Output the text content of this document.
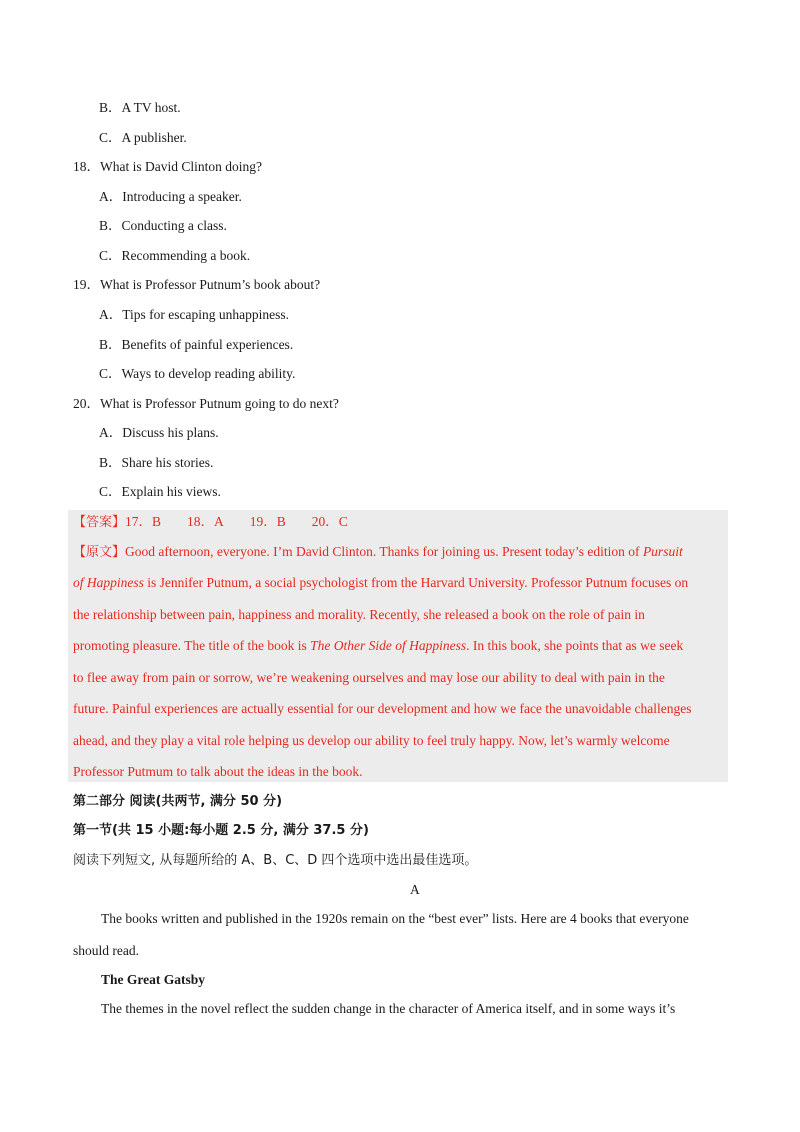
B．A TV host.
C．A publisher.
18．What is David Clinton doing?
A．Introducing a speaker.
B．Conducting a class.
C．Recommending a book.
19．What is Professor Putnum’s book about?
A．Tips for escaping unhappiness.
B．Benefits of painful experiences.
C．Ways to develop reading ability.
20．What is Professor Putnum going to do next?
A．Discuss his plans.
B．Share his stories.
C．Explain his views.
【答案】17．B 18．A 19．B 20．C
【原文】Good afternoon, everyone. I’m David Clinton. Thanks for joining us. Present today’s edition of Pursuit
of Happiness is Jennifer Putnum, a social psychologist from the Harvard University. Professor Putnum focuses on
the relationship between pain, happiness and morality. Recently, she released a book on the role of pain in
promoting pleasure. The title of the book is The Other Side of Happiness. In this book, she points that as we seek
to flee away from pain or sorrow, we’re weakening ourselves and may lose our ability to deal with pain in the
future. Painful experiences are actually essential for our development and how we face the unavoidable challenges
ahead, and they play a vital role helping us develop our ability to feel truly happy. Now, let’s warmly welcome
Professor Putmum to talk about the ideas in the book.
第二部分 阅读(共两节, 满分 50 分)
第一节(共 15 小题:每小题 2.5 分, 满分 37.5 分)
阅读下列短文, 从每题所给的 A、B、C、D 四个选项中选出最佳选项。
A
The books written and published in the 1920s remain on the “best ever” lists. Here are 4 books that everyone
should read.
The Great Gatsby
The themes in the novel reflect the sudden change in the character of America itself, and in some ways it’s
